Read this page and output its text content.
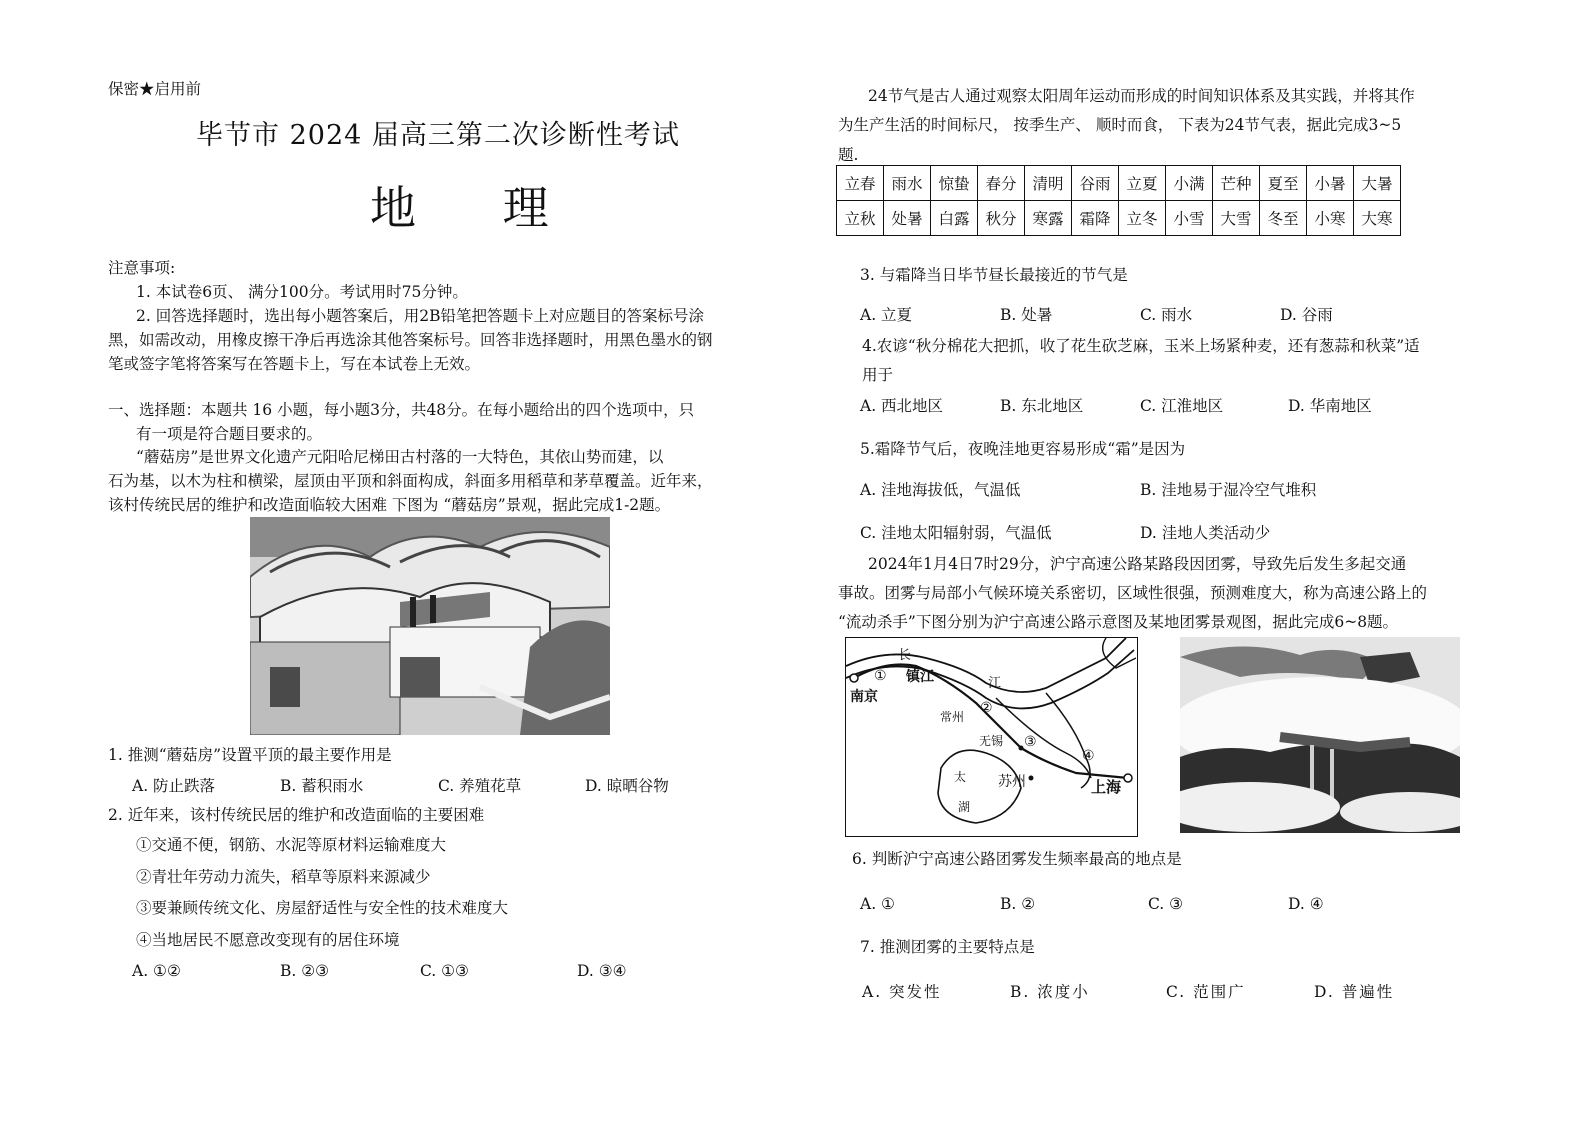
保密★启用前
毕节市 2024 届高三第二次诊断性考试
地 理
注意事项:
1. 本试卷6页、 满分100分。考试用时75分钟。
2. 回答选择题时，选出每小题答案后，用2B铅笔把答题卡上对应题目的答案标号涂
黑，如需改动，用橡皮擦干净后再选涂其他答案标号。回答非选择题时，用黑色墨水的钢
笔或签字笔将答案写在答题卡上，写在本试卷上无效。
一、选择题：本题共 16 小题，每小题3分，共48分。在每小题给出的四个选项中，只
有一项是符合题目要求的。
“蘑菇房”是世界文化遗产元阳哈尼梯田古村落的一大特色，其依山势而建，以
石为基，以木为柱和横梁，屋顶由平顶和斜面构成，斜面多用稻草和茅草覆盖。近年来，
该村传统民居的维护和改造面临较大困难 下图为 “蘑菇房”景观，据此完成1-2题。
1. 推测“蘑菇房”设置平顶的最主要作用是
A. 防止跌落	B. 蓄积雨水	C. 养殖花草	D. 晾晒谷物
2. 近年来，该村传统民居的维护和改造面临的主要困难
①交通不便，钢筋、水泥等原材料运输难度大
②青壮年劳动力流失，稻草等原料来源减少
③要兼顾传统文化、房屋舒适性与安全性的技术难度大
④当地居民不愿意改变现有的居住环境
A. ①②	B. ②③	C. ①③	D. ③④
24节气是古人通过观察太阳周年运动而形成的时间知识体系及其实践，并将其作
为生产生活的时间标尺， 按季生产、 顺时而食， 下表为24节气表，据此完成3~5
题.
立春	雨水	惊蛰	春分	清明	谷雨	立夏	小满	芒种	夏至	小暑	大暑
立秋	处暑	白露	秋分	寒露	霜降	立冬	小雪	大雪	冬至	小寒	大寒
3. 与霜降当日毕节昼长最接近的节气是
A. 立夏	B. 处暑	C. 雨水	D. 谷雨
4.农谚“秋分棉花大把抓，收了花生砍芝麻，玉米上场紧种麦，还有葱蒜和秋菜”适
用于
A. 西北地区	B. 东北地区	C. 江淮地区	D. 华南地区
5.霜降节气后，夜晚洼地更容易形成“霜”是因为
A. 洼地海拔低，气温低	B. 洼地易于湿冷空气堆积
C. 洼地太阳辐射弱，气温低	D. 洼地人类活动少
2024年1月4日7时29分，沪宁高速公路某路段因团雾，导致先后发生多起交通
事故。团雾与局部小气候环境关系密切，区域性很强，预测难度大，称为高速公路上的
“流动杀手”下图分别为沪宁高速公路示意图及某地团雾景观图，据此完成6~8题。
南京
镇江
常州
无锡
苏州	上海
长
江
太
湖
①
②
③
④
6. 判断沪宁高速公路团雾发生频率最高的地点是
A. ①	B. ②	C. ③	D. ④
7. 推测团雾的主要特点是
A. 突发性	B. 浓度小	C. 范围广	D. 普遍性
